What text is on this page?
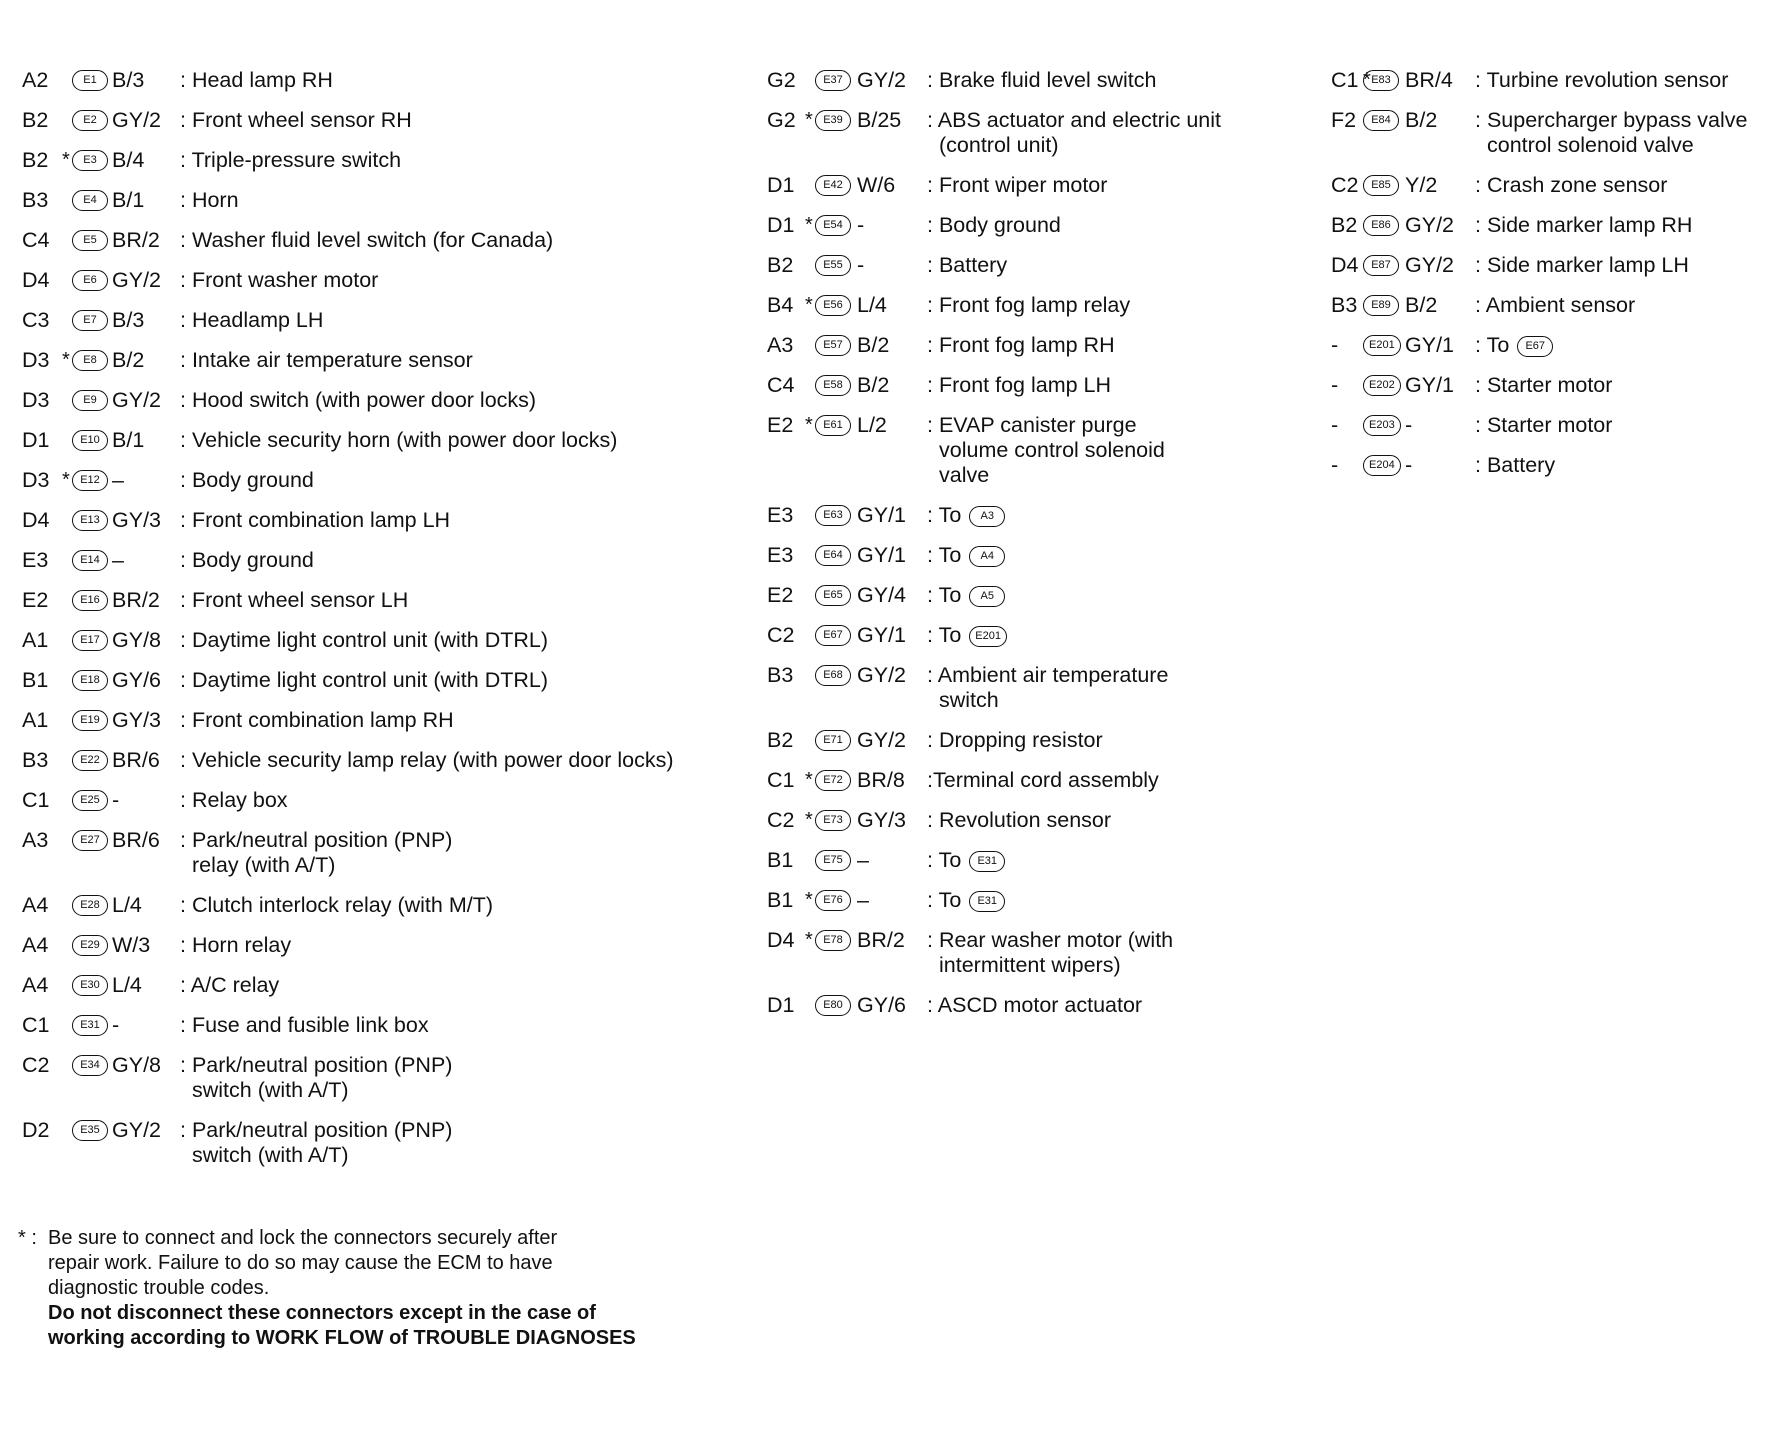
A2	E1 B/3	: Head lamp RH
B2	E2 GY/2 : Front wheel sensor RH
B2 *	E3 B/4	: Triple-pressure switch
B3	E4 B/1	: Horn
C4	E5 BR/2 : Washer fluid level switch (for Canada)
D4	E6 GY/2 : Front washer motor
C3	E7 B/3	: Headlamp LH
D3 *	E8 B/2	: Intake air temperature sensor
D3	E9 GY/2 : Hood switch (with power door locks)
D1	E10 B/1	: Vehicle security horn (with power door locks)
D3 * E12 –	: Body ground
D4	E13 GY/3 : Front combination lamp LH
E3	E14 –	: Body ground
E2	E16 BR/2 : Front wheel sensor LH
A1	E17 GY/8 : Daytime light control unit (with DTRL)
B1	E18 GY/6 : Daytime light control unit (with DTRL)
A1	E19 GY/3 : Front combination lamp RH
B3	E22 BR/6 : Vehicle security lamp relay (with power door locks)
C1	E25 -	: Relay box
A3	E27 BR/6 : Park/neutral position (PNP)
relay (with A/T)
A4	E28 L/4	: Clutch interlock relay (with M/T)
A4	E29 W/3	: Horn relay
A4	E30 L/4	: A/C relay
C1	E31 -	: Fuse and fusible link box
C2	E34 GY/8 : Park/neutral position (PNP)
switch (with A/T)
D2	E35 GY/2 : Park/neutral position (PNP)
switch (with A/T)
G2	E37 GY/2 : Brake fluid level switch
G2 * E39 B/25	: ABS actuator and electric unit
(control unit)
D1	E42 W/6	: Front wiper motor
D1 * E54 -	: Body ground
B2	E55 -	: Battery
B4 * E56 L/4	: Front fog lamp relay
A3	E57 B/2	: Front fog lamp RH
C4	E58 B/2	: Front fog lamp LH
E2 * E61 L/2	: EVAP canister purge
volume control solenoid
valve
E3	E63 GY/1 : To A3
E3	E64 GY/1 : To A4
E2	E65 GY/4 : To A5
C2	E67 GY/1 : To E201
B3	E68 GY/2 : Ambient air temperature
switch
B2	E71 GY/2 : Dropping resistor
C1 * E72 BR/8	:Terminal cord assembly
C2 * E73 GY/3 : Revolution sensor
B1	E75 –	: To E31
B1 * E76 –	: To E31
D4 * E78 BR/2	: Rear washer motor (with
intermittent wipers)
D1	E80 GY/6 : ASCD motor actuator
C1 * E83 BR/4	: Turbine revolution sensor
F2	E84 B/2	: Supercharger bypass valve
control solenoid valve
C2	E85 Y/2	: Crash zone sensor
B2	E86 GY/2 : Side marker lamp RH
D4	E87 GY/2 : Side marker lamp LH
B3	E89 B/2	: Ambient sensor
-	E201 GY/1 : To E67
-	E202 GY/1 : Starter motor
-	E203 -	: Starter motor
-	E204 -	: Battery
* : Be sure to connect and lock the connectors securely after
repair work. Failure to do so may cause the ECM to have
diagnostic trouble codes.
Do not disconnect these connectors except in the case of
working according to WORK FLOW of TROUBLE DIAGNOSES
